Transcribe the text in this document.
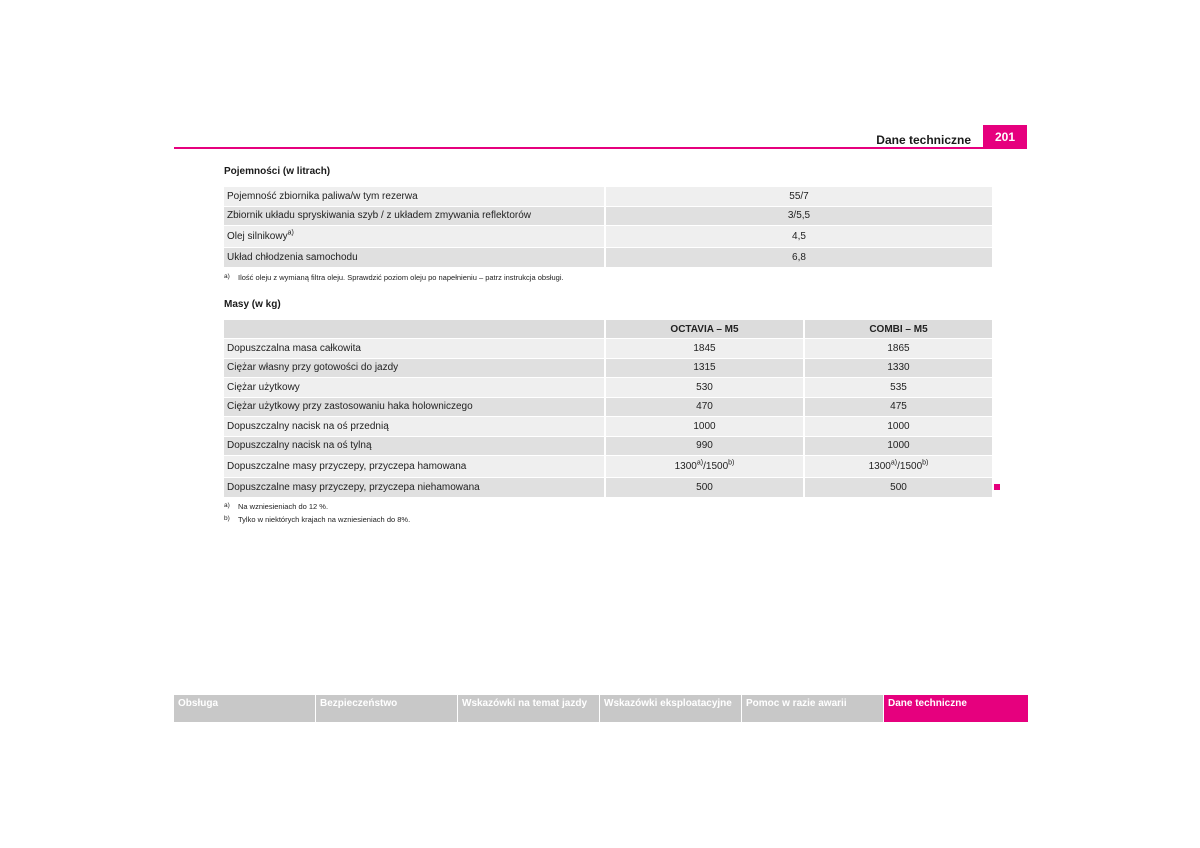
Dane techniczne	201
Pojemności (w litrach)
Pojemność zbiornika paliwa/w tym rezerwa	55/7
Zbiornik układu spryskiwania szyb / z układem zmywania reflektorów	3/5,5
Olej silnikowy$^{a)}$	4,5
Układ chłodzenia samochodu	6,8
a) Ilość oleju z wymianą filtra oleju. Sprawdzić poziom oleju po napełnieniu – patrz instrukcja obsługi.
Masy (w kg)
	OCTAVIA – M5	COMBI – M5
Dopuszczalna masa całkowita	1845	1865
Ciężar własny przy gotowości do jazdy	1315	1330
Ciężar użytkowy	530	535
Ciężar użytkowy przy zastosowaniu haka holowniczego	470	475
Dopuszczalny nacisk na oś przednią	1000	1000
Dopuszczalny nacisk na oś tylną	990	1000
Dopuszczalne masy przyczepy, przyczepa hamowana	1300$^{a)}$/1500$^{b)}$	1300$^{a)}$/1500$^{b)}$
Dopuszczalne masy przyczepy, przyczepa niehamowana	500	500
a) Na wzniesieniach do 12 %.
b) Tylko w niektórych krajach na wzniesieniach do 8%.
Obsługa	Bezpieczeństwo	Wskazówki na temat jazdy	Wskazówki eksploatacyjne	Pomoc w razie awarii	Dane techniczne
